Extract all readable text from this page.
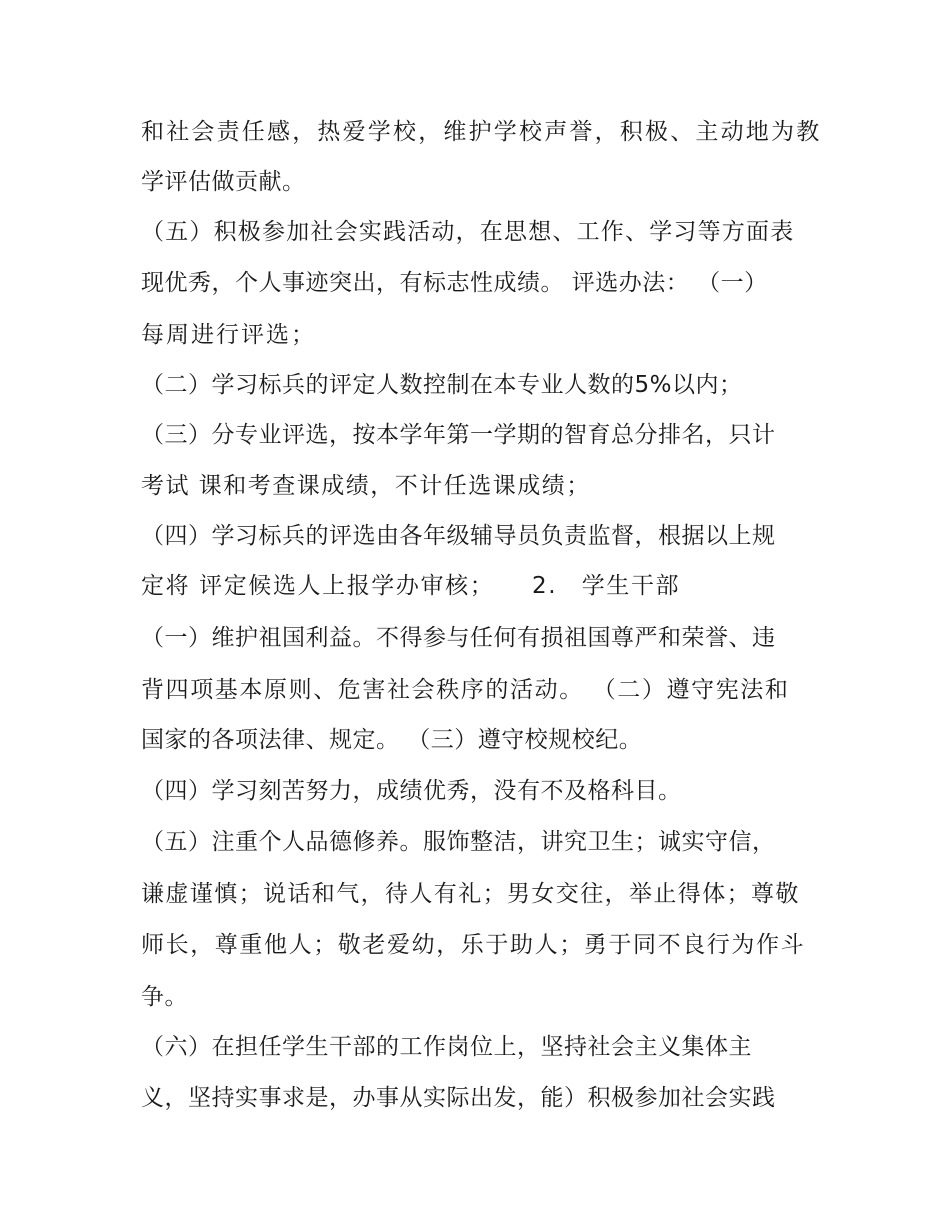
和社会责任感，热爱学校，维护学校声誉，积极、主动地为教
学评估做贡献。
（五）积极参加社会实践活动，在思想、工作、学习等方面表
现优秀，个人事迹突出，有标志性成绩。 评选办法： （一）
每周进行评选；
（二）学习标兵的评定人数控制在本专业人数的5%以内；
（三）分专业评选，按本学年第一学期的智育总分排名，只计
考试 课和考查课成绩，不计任选课成绩；
（四）学习标兵的评选由各年级辅导员负责监督，根据以上规
定将 评定候选人上报学办审核；　　2.　学生干部
（一）维护祖国利益。不得参与任何有损祖国尊严和荣誉、违
背四项基本原则、危害社会秩序的活动。 （二）遵守宪法和
国家的各项法律、规定。 （三）遵守校规校纪。
（四）学习刻苦努力，成绩优秀，没有不及格科目。
（五）注重个人品德修养。服饰整洁，讲究卫生；诚实守信，
谦虚谨慎；说话和气，待人有礼；男女交往，举止得体；尊敬
师长，尊重他人；敬老爱幼，乐于助人；勇于同不良行为作斗
争。
（六）在担任学生干部的工作岗位上，坚持社会主义集体主
义，坚持实事求是，办事从实际出发，能）积极参加社会实践
